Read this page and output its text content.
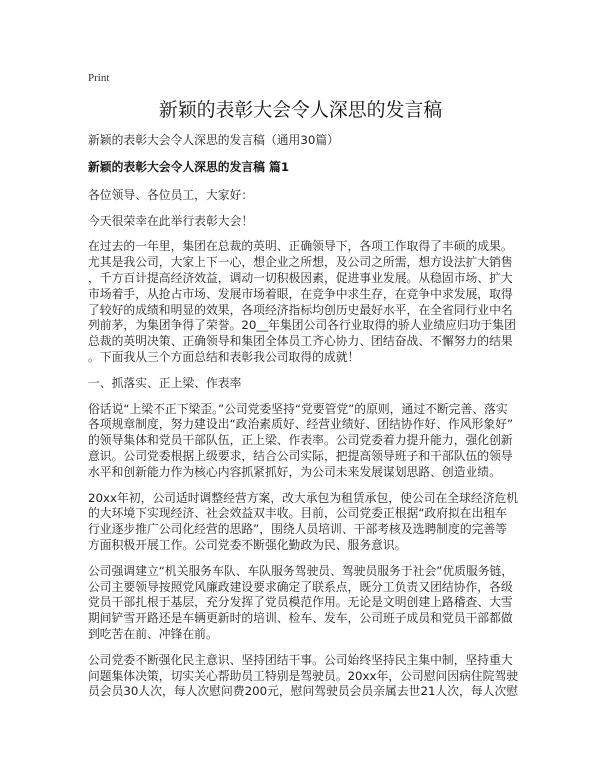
Print
新颖的表彰大会令人深思的发言稿
新颖的表彰大会令人深思的发言稿（通用30篇）
新颖的表彰大会令人深思的发言稿 篇1

各位领导、各位员工，大家好：

今天很荣幸在此举行表彰大会！

在过去的一年里，集团在总裁的英明、正确领导下，各项工作取得了丰硕的成果。
尤其是我公司，大家上下一心，想企业之所想，及公司之所需，想方设法扩大销售
，千方百计提高经济效益，调动一切积极因素，促进事业发展。从稳固市场、扩大
市场着手，从抢占市场、发展市场着眼，在竞争中求生存，在竞争中求发展，取得
了较好的成绩和明显的效果，各项经济指标均创历史最好水平，在全省同行业中名
列前茅，为集团争得了荣誉。20__年集团公司各行业取得的骄人业绩应归功于集团
总裁的英明决策、正确领导和集团全体员工齐心协力、团结奋战、不懈努力的结果
。下面我从三个方面总结和表彰我公司取得的成就！

一、抓落实、正上梁、作表率

俗话说“上梁不正下梁歪。”公司党委坚持“党要管党”的原则，通过不断完善、落实
各项规章制度，努力建设出“政治素质好、经营业绩好、团结协作好、作风形象好”
的领导集体和党员干部队伍，正上梁、作表率。公司党委着力提升能力，强化创新
意识。公司党委根据上级要求，结合公司实际，把提高领导班子和干部队伍的领导
水平和创新能力作为核心内容抓紧抓好，为公司未来发展谋划思路、创造业绩。

20xx年初，公司适时调整经营方案，改大承包为租赁承包，使公司在全球经济危机
的大环境下实现经济、社会效益双丰收。目前，公司党委正根据“政府拟在出租车
行业逐步推广公司化经营的思路”，围绕人员培训、干部考核及选聘制度的完善等
方面积极开展工作。公司党委不断强化勤政为民、服务意识。

公司强调建立“机关服务车队、车队服务驾驶员、驾驶员服务于社会”优质服务链，
公司主要领导按照党风廉政建设要求确定了联系点，既分工负责又团结协作，各级
党员干部扎根于基层，充分发挥了党员模范作用。无论是文明创建上路稽查、大雪
期间铲雪开路还是车辆更新时的培训、检车、发车，公司班子成员和党员干部都做
到吃苦在前、冲锋在前。

公司党委不断强化民主意识、坚持团结干事。公司始终坚持民主集中制，坚持重大
问题集体决策，切实关心帮助员工特别是驾驶员。20xx年，公司慰问因病住院驾驶
员会员30人次，每人次慰问费200元，慰问驾驶员会员亲属去世21人次，每人次慰
